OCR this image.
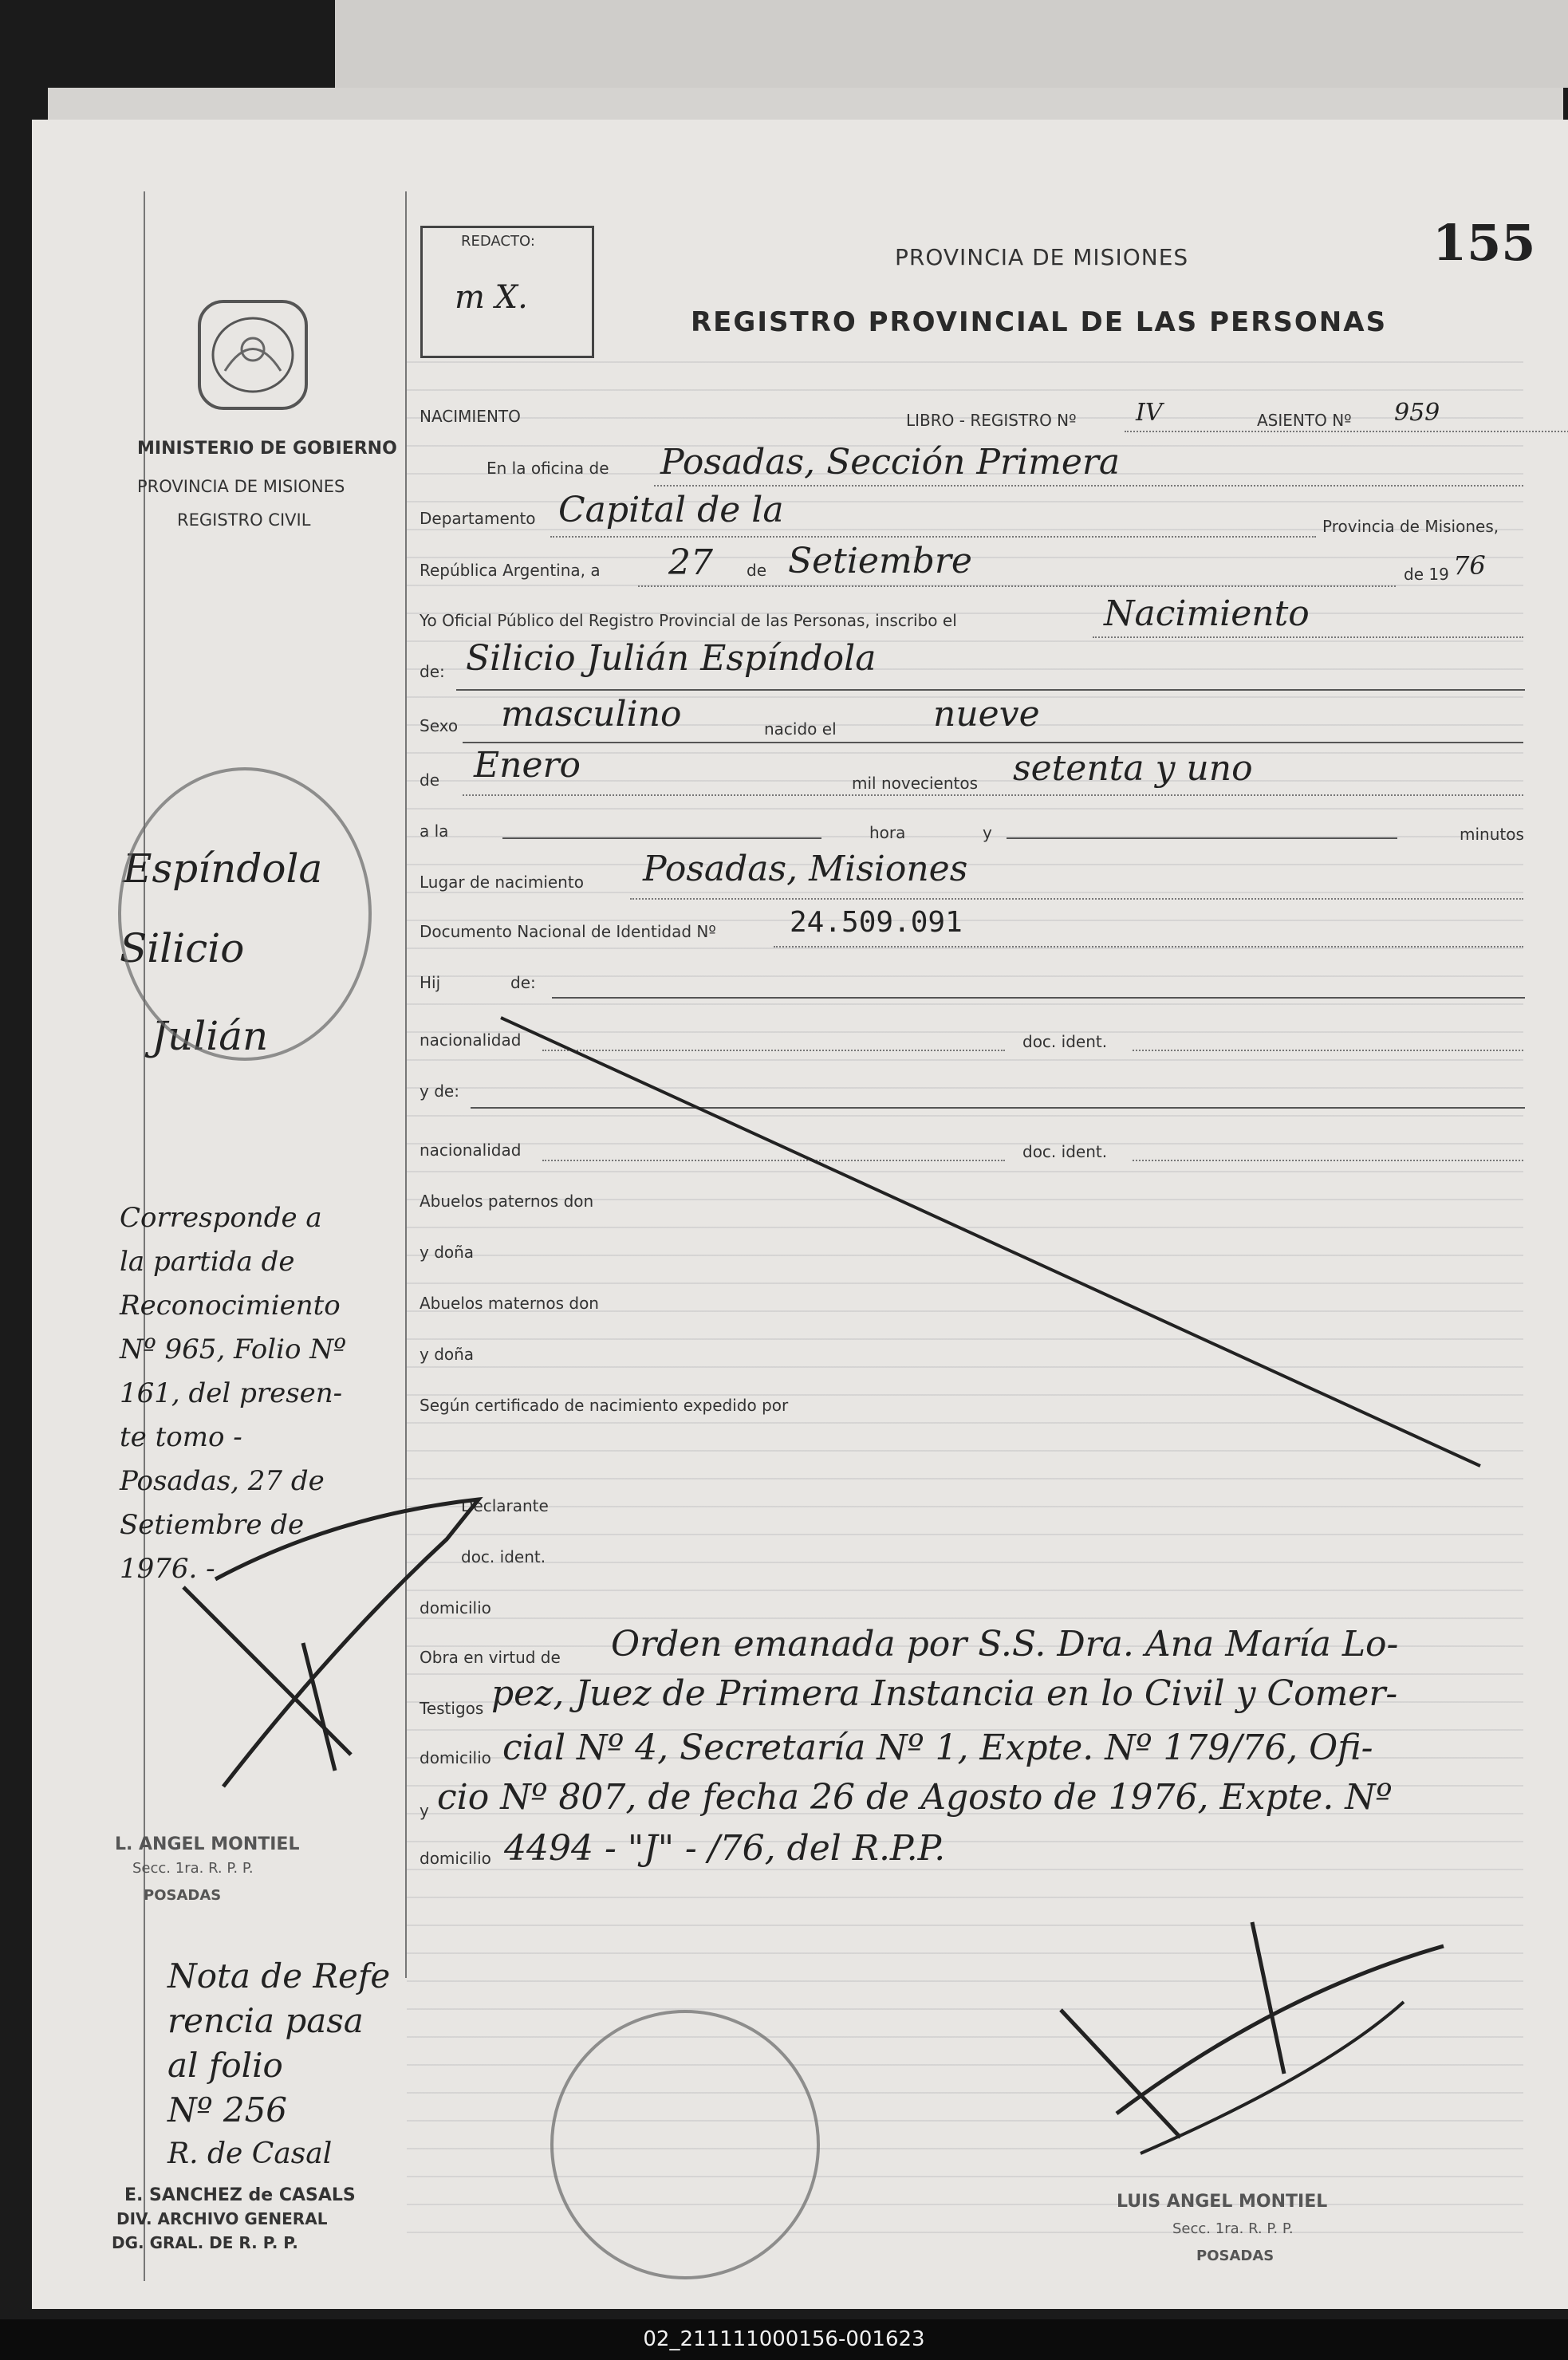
REDACTO:
m X.
PROVINCIA DE MISIONES
REGISTRO PROVINCIAL DE LAS PERSONAS
155
MINISTERIO DE GOBIERNO
PROVINCIA DE MISIONES
REGISTRO CIVIL
NACIMIENTO	LIBRO - REGISTRO Nº IV	ASIENTO Nº 959
En la oficina de Posadas, Sección Primera
Departamento Capital de la	Provincia de Misiones,
República Argentina, a 27 de Setiembre	de 19 76
Yo Oficial Público del Registro Provincial de las Personas, inscribo el	Nacimiento
de: Silicio Julián Espíndola
Sexo masculino	nacido el	nueve
de Enero	mil novecientos setenta y uno
a la	hora	y	minutos
Lugar de nacimiento Posadas, Misiones
Documento Nacional de Identidad Nº	24.509.091
Hij	de:
nacionalidad	doc. ident.
y de:
nacionalidad	doc. ident.
Abuelos paternos don
y doña
Abuelos maternos don
y doña
Según certificado de nacimiento expedido por
Declarante
doc. ident.
domicilio
Obra en virtud de Orden emanada por S.S. Dra. Ana María Lo-
Testigos pez, Juez de Primera Instancia en lo Civil y Comer-
domicilio cial Nº 4, Secretaría Nº 1, Expte. Nº 179/76, Ofi-
y cio Nº 807, de fecha 26 de Agosto de 1976, Expte. Nº
domicilio 4494 - "J" - /76, del R.P.P.
Espíndola
Silicio
Julián
Corresponde a
la partida de
Reconocimiento
Nº 965, Folio Nº
161, del presen-
te tomo -
Posadas, 27 de
Setiembre de
1976. -
L. ANGEL MONTIEL
Secc. 1ra. R. P. P.
POSADAS
Nota de Refe
rencia pasa
al folio
Nº 256
R. de Casal
E. SANCHEZ de CASALS
DIV. ARCHIVO GENERAL
DG. GRAL. DE R. P. P.
LUIS ANGEL MONTIEL
Secc. 1ra. R. P. P.
POSADAS
02_211111000156-001623
